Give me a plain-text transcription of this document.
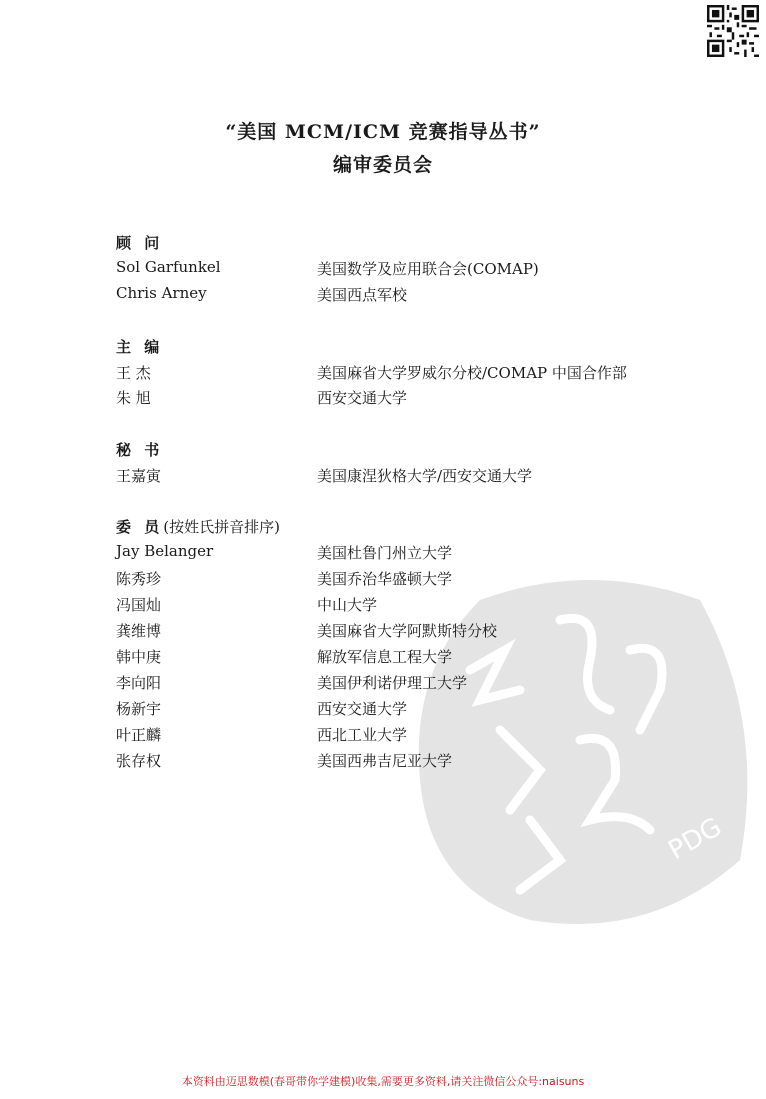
PDG
“美国 MCM/ICM 竞赛指导丛书”
编审委员会
顾 问
Sol Garfunkel	美国数学及应用联合会(COMAP)
Chris Arney	美国西点军校
主 编
王 杰	美国麻省大学罗威尔分校/COMAP 中国合作部
朱 旭	西安交通大学
秘 书
王嘉寅	美国康涅狄格大学/西安交通大学
委 员(按姓氏拼音排序)
Jay Belanger	美国杜鲁门州立大学
陈秀珍	美国乔治华盛顿大学
冯国灿	中山大学
龚维博	美国麻省大学阿默斯特分校
韩中庚	解放军信息工程大学
李向阳	美国伊利诺伊理工大学
杨新宇	西安交通大学
叶正麟	西北工业大学
张存权	美国西弗吉尼亚大学
本资料由迈思数模(春哥带你学建模)收集,需要更多资料,请关注微信公众号:naisuns
